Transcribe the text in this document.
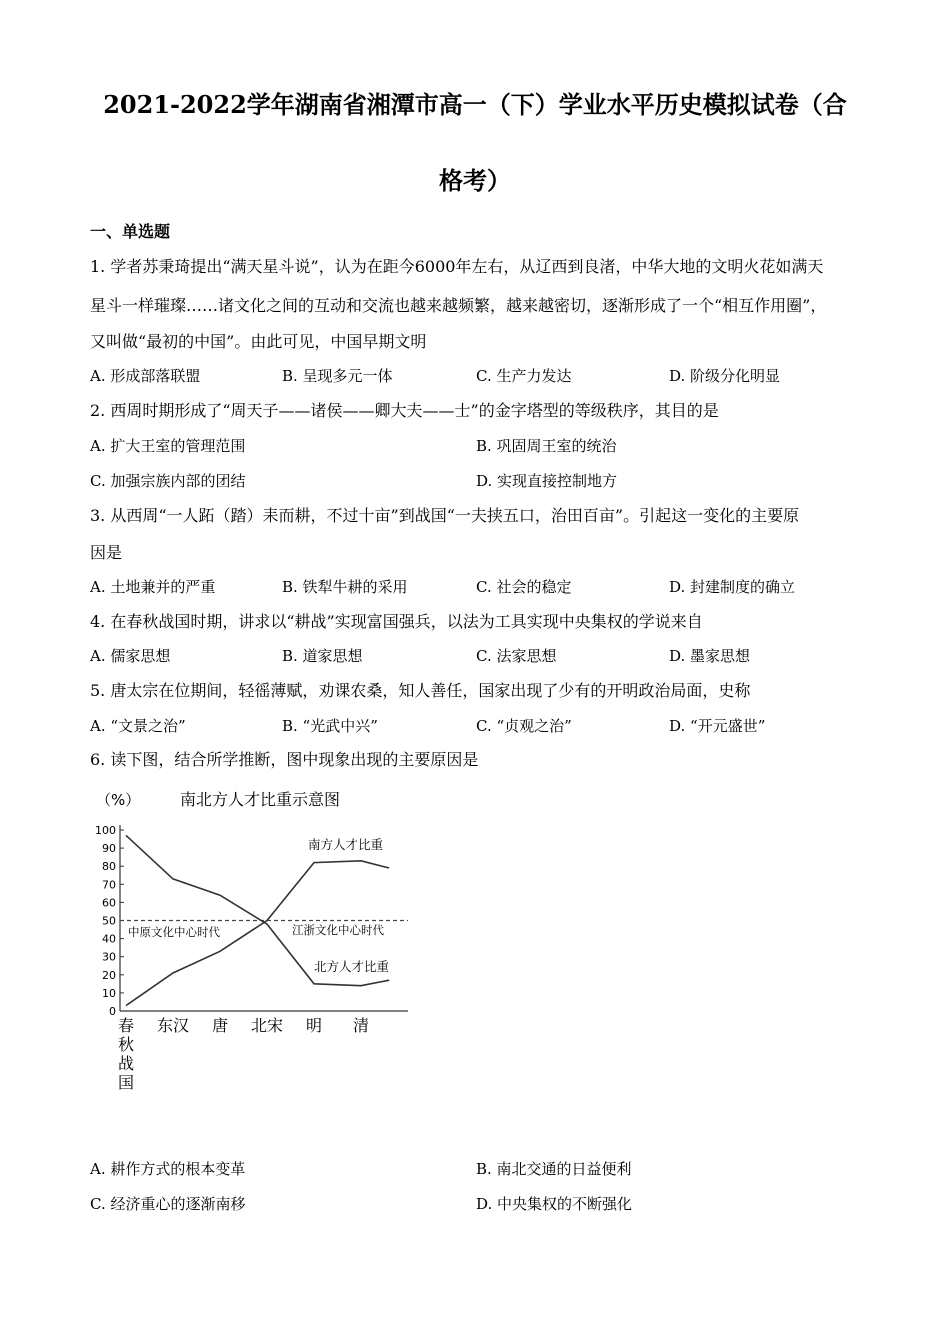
2021-2022学年湖南省湘潭市高一（下）学业水平历史模拟试卷（合
格考）
一、单选题
1. 学者苏秉琦提出“满天星斗说”，认为在距今6000年左右，从辽西到良渚，中华大地的文明火花如满天
星斗一样璀璨……诸文化之间的互动和交流也越来越频繁，越来越密切，逐渐形成了一个“相互作用圈”，
又叫做“最初的中国”。由此可见，中国早期文明
A. 形成部落联盟	B. 呈现多元一体	C. 生产力发达	D. 阶级分化明显
2. 西周时期形成了“周天子——诸侯——卿大夫——士”的金字塔型的等级秩序，其目的是
A. 扩大王室的管理范围	B. 巩固周王室的统治
C. 加强宗族内部的团结	D. 实现直接控制地方
3. 从西周“一人跖（踏）耒而耕，不过十亩”到战国“一夫挟五口，治田百亩”。引起这一变化的主要原
因是
A. 土地兼并的严重	B. 铁犁牛耕的采用	C. 社会的稳定	D. 封建制度的确立
4. 在春秋战国时期，讲求以“耕战”实现富国强兵，以法为工具实现中央集权的学说来自
A. 儒家思想	B. 道家思想	C. 法家思想	D. 墨家思想
5. 唐太宗在位期间，轻徭薄赋，劝课农桑，知人善任，国家出现了少有的开明政治局面，史称
A. “文景之治”	B. “光武中兴”	C. “贞观之治”	D. “开元盛世”
6. 读下图，结合所学推断，图中现象出现的主要原因是
（%） 南北方人才比重示意图
100
90
80
70
60
50
40
30
20
10
0
南方人才比重
北方人才比重
中原文化中心时代	江浙文化中心时代
春 东汉 唐 北宋 明 清
秋
战
国
A. 耕作方式的根本变革	B. 南北交通的日益便利
C. 经济重心的逐渐南移	D. 中央集权的不断强化
